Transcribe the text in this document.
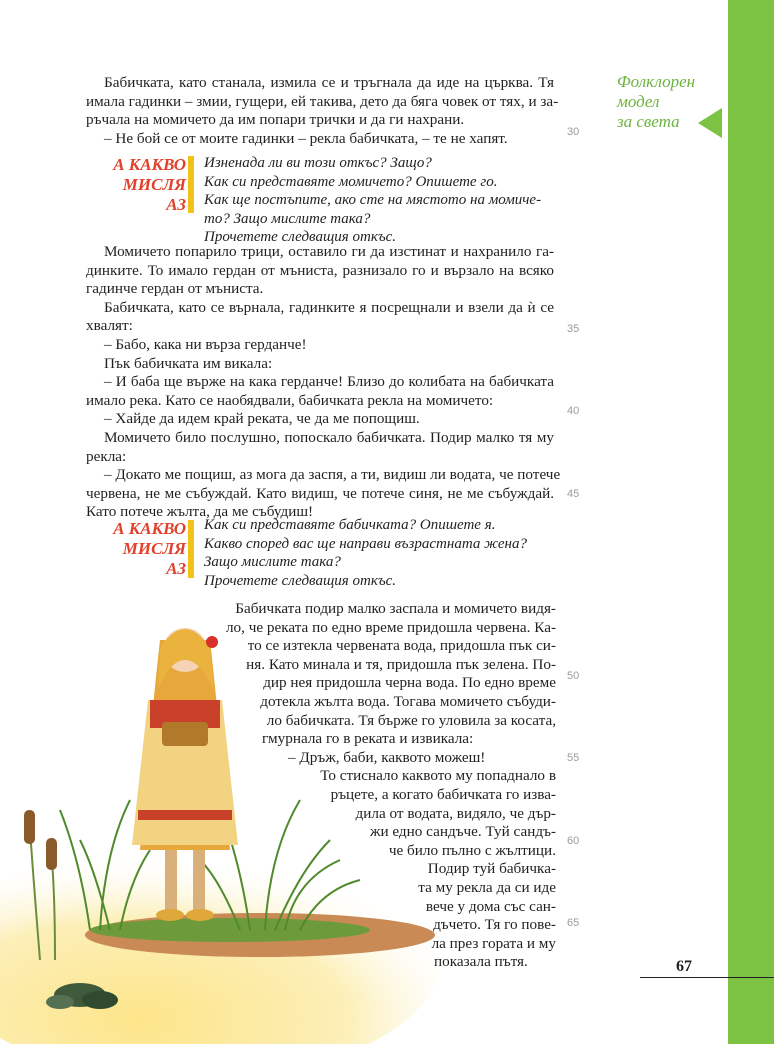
Фолклорен
модел
за света
Бабичката, като станала, измила се и тръгнала да иде на църква. Тя
имала гадинки – змии, гущери, ей такива, дето да бяга човек от тях, и за-
ръчала на момичето да им попари трички и да ги нахрани.
– Не бой се от моите гадинки – рекла бабичката, – те не хапят.	30
А КАКВО
МИСЛЯ АЗ
Изненада ли ви този откъс? Защо?
Как си представяте момичето? Опишете го.
Как ще постъпите, ако сте на мястото на момиче-
то? Защо мислите така?
Прочетете следващия откъс.
Момичето попарило трици, оставило ги да изстинат и нахранило га-
динките. То имало гердан от мъниста, разнизало го и вързало на всяко
гадинче гердан от мъниста.
Бабичката, като се върнала, гадинките я посрещнали и взели да ѝ се
хвалят:
– Бабо, кака ни върза герданче!
Пък бабичката им викала:
– И баба ще върже на кака герданче! Близо до колибата на бабичката
имало река. Като се наобядвали, бабичката рекла на момичето:
– Хайде да идем край реката, че да ме попощиш.
Момичето било послушно, попоскало бабичката. Подир малко тя му
рекла:
– Докато ме пощиш, аз мога да заспя, а ти, видиш ли водата, че потече
червена, не ме събуждай. Като видиш, че потече синя, не ме събуждай.
Като потече жълта, да ме събудиш!
35
40
45
А КАКВО
МИСЛЯ АЗ
Как си представяте бабичката? Опишете я.
Какво според вас ще направи възрастната жена?
Защо мислите така?
Прочетете следващия откъс.
Бабичката подир малко заспала и момичето видя-
ло, че реката по едно време придошла червена. Ка-
то се изтекла червената вода, придошла пък си-
ня. Като минала и тя, придошла пък зелена. По-
дир нея придошла черна вода. По едно време
дотекла жълта вода. Тогава момичето събуди-
ло бабичката. Тя бърже го уловила за косата,
гмурнала го в реката и извикала:
– Дръж, баби, каквото можеш!
То стиснало каквото му попаднало в
ръцете, а когато бабичката го изва-
дила от водата, видяло, че дър-
жи едно сандъче. Туй сандъ-
че било пълно с жълтици.
Подир туй бабичка-
та му рекла да си иде
вече у дома със сан-
дъчето. Тя го пове-
ла през гората и му
показала пътя.
50
55
60
65
67
